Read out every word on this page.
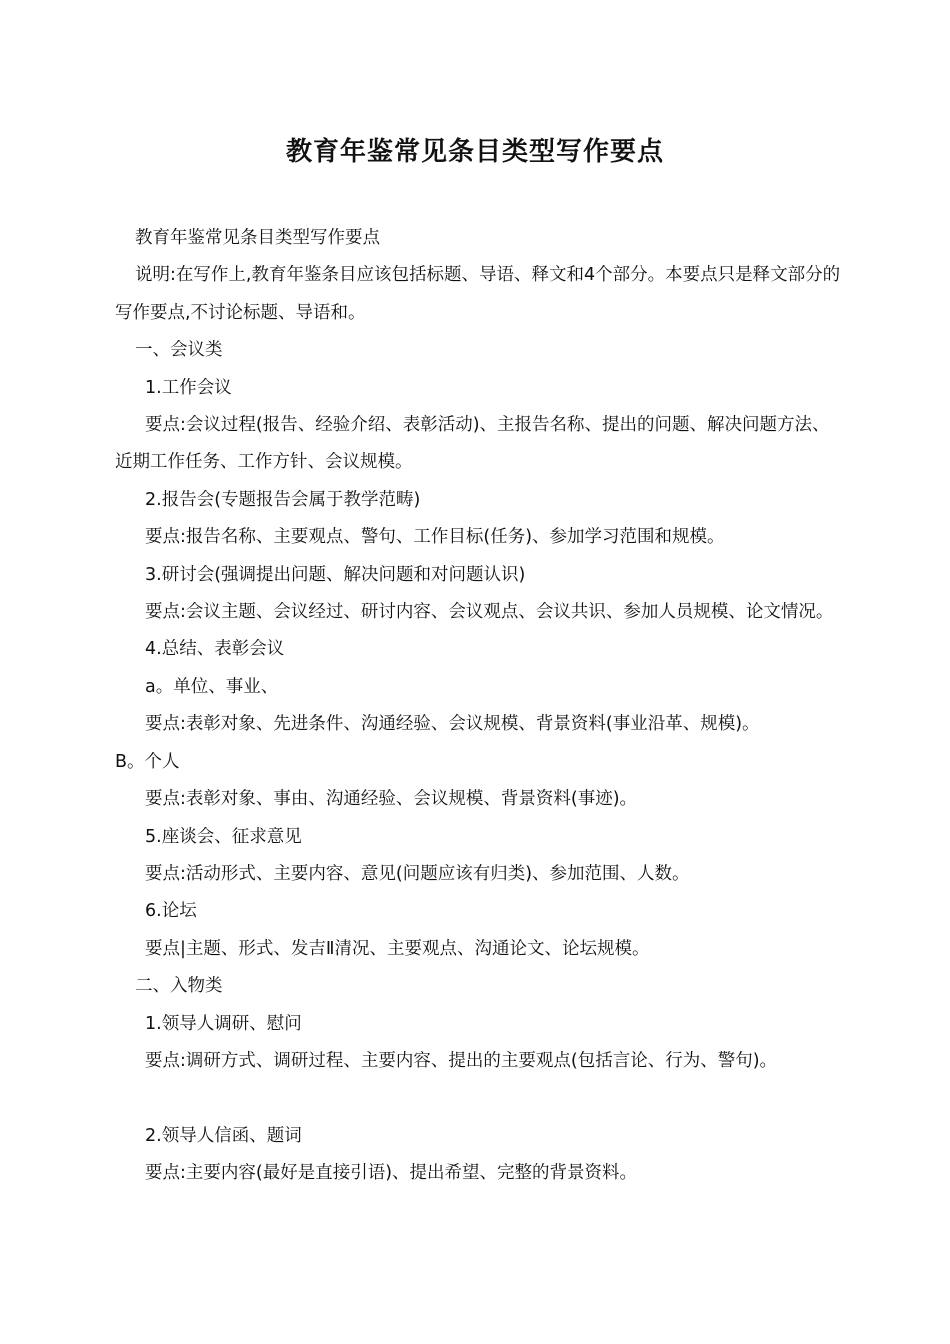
教育年鉴常见条目类型写作要点

教育年鉴常见条目类型写作要点

说明:在写作上,教育年鉴条目应该包括标题、导语、释文和4个部分。本要点只是释文部分的写作要点,不讨论标题、导语和。

一、会议类

1.工作会议

要点:会议过程(报告、经验介绍、表彰活动)、主报告名称、提出的问题、解决问题方法、近期工作任务、工作方针、会议规模。

2.报告会(专题报告会属于教学范畴)

要点:报告名称、主要观点、警句、工作目标(任务)、参加学习范围和规模。

3.研讨会(强调提出问题、解决问题和对问题认识)

要点:会议主题、会议经过、研讨内容、会议观点、会议共识、参加人员规模、论文情况。

4.总结、表彰会议

a。单位、事业、

要点:表彰对象、先进条件、沟通经验、会议规模、背景资料(事业沿革、规模)。

B。个人

要点:表彰对象、事由、沟通经验、会议规模、背景资料(事迹)。

5.座谈会、征求意见

要点:活动形式、主要内容、意见(问题应该有归类)、参加范围、人数。

6.论坛

要点|主题、形式、发吉Ⅱ清况、主要观点、沟通论文、论坛规模。

二、入物类

1.领导人调研、慰问

要点:调研方式、调研过程、主要内容、提出的主要观点(包括言论、行为、警句)。

2.领导人信函、题词

要点:主要内容(最好是直接引语)、提出希望、完整的背景资料。
